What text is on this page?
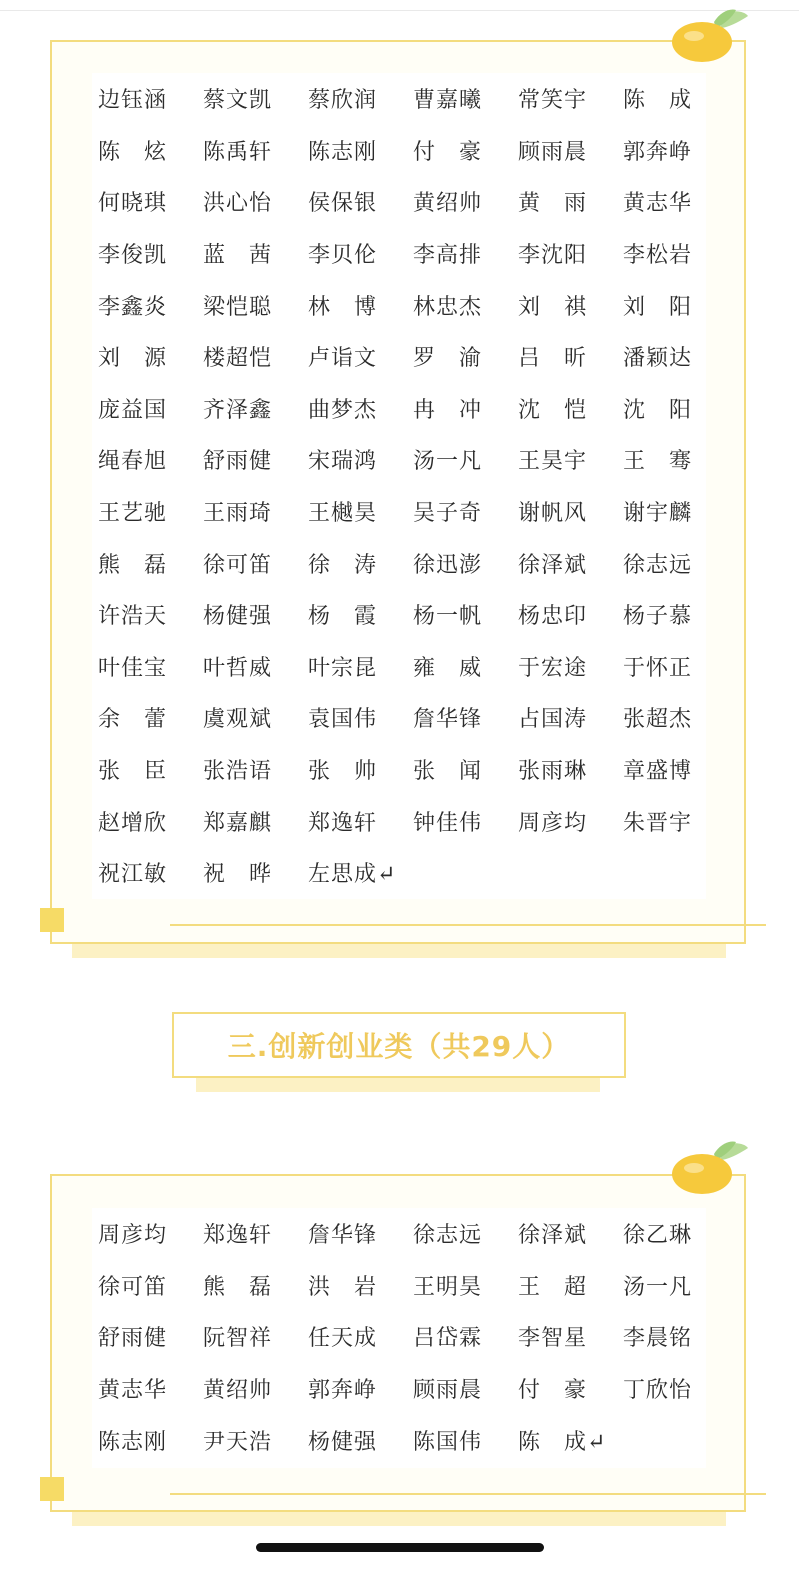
边钰涵	蔡文凯	蔡欣润	曹嘉曦	常笑宇	陈　成
陈　炫	陈禹轩	陈志刚	付　豪	顾雨晨	郭奔峥
何晓琪	洪心怡	侯保银	黄绍帅	黄　雨	黄志华
李俊凯	蓝　茜	李贝伦	李高排	李沈阳	李松岩
李鑫炎	梁恺聪	林　博	林忠杰	刘　祺	刘　阳
刘　源	楼超恺	卢诣文	罗　渝	吕　昕	潘颖达
庞益国	齐泽鑫	曲梦杰	冉　冲	沈　恺	沈　阳
绳春旭	舒雨健	宋瑞鸿	汤一凡	王昊宇	王　骞
王艺驰	王雨琦	王樾昊	吴子奇	谢帆风	谢宇麟
熊　磊	徐可笛	徐　涛	徐迅澎	徐泽斌	徐志远
许浩天	杨健强	杨　霞	杨一帆	杨忠印	杨子慕
叶佳宝	叶哲威	叶宗昆	雍　威	于宏途	于怀正
余　蕾	虞观斌	袁国伟	詹华锋	占国涛	张超杰
张　臣	张浩语	张　帅	张　闻	张雨琳	章盛博
赵增欣	郑嘉麒	郑逸轩	钟佳伟	周彦均	朱晋宇
祝江敏	祝　晔	左思成↵
三.创新创业类（共29人）
周彦均	郑逸轩	詹华锋	徐志远	徐泽斌	徐乙琳
徐可笛	熊　磊	洪　岩	王明昊	王　超	汤一凡
舒雨健	阮智祥	任天成	吕岱霖	李智星	李晨铭
黄志华	黄绍帅	郭奔峥	顾雨晨	付　豪	丁欣怡
陈志刚	尹天浩	杨健强	陈国伟	陈　成↵
